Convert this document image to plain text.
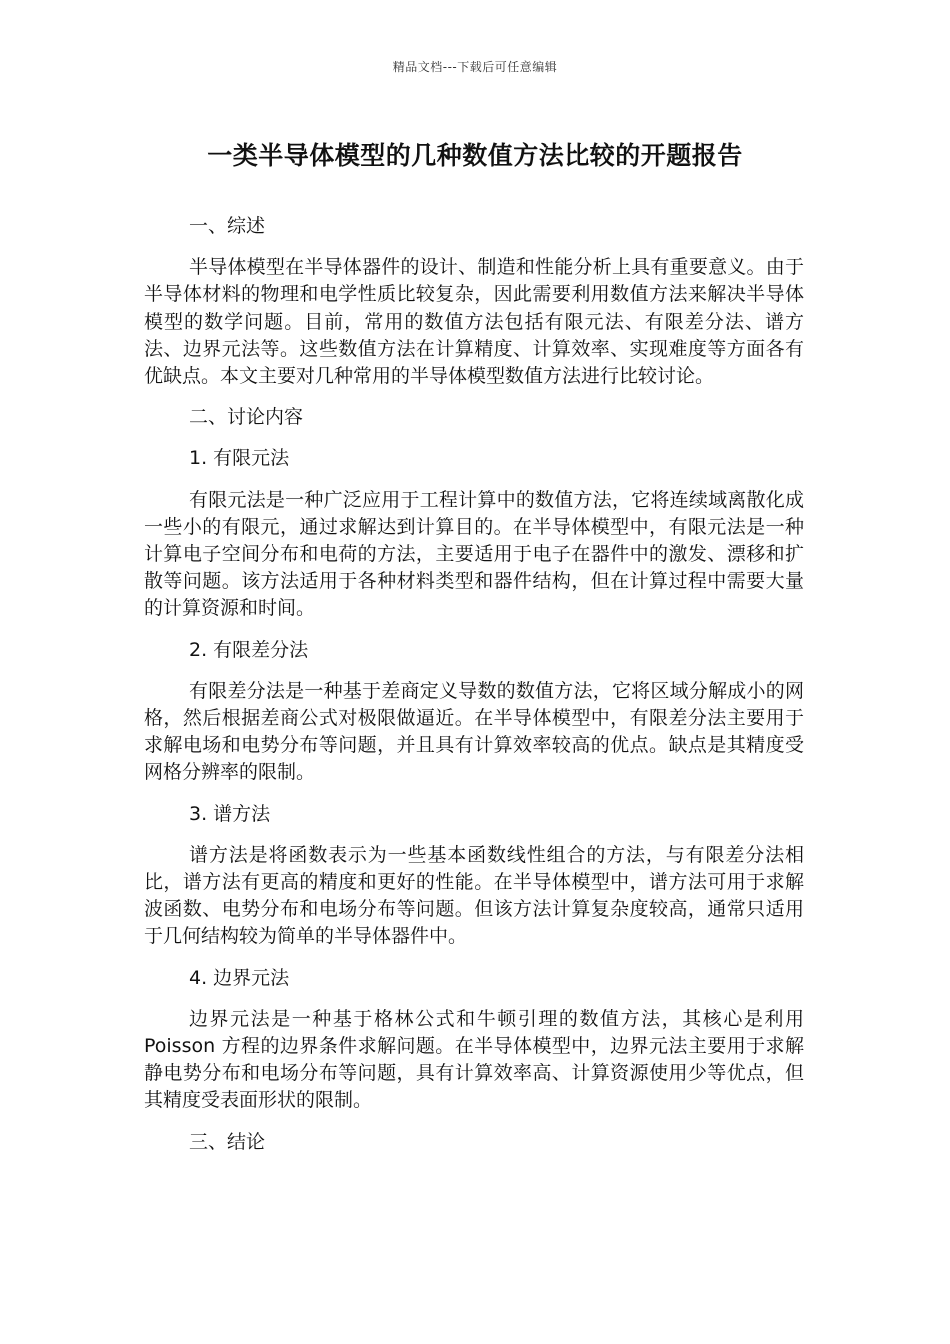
精品文档---下载后可任意编辑
一类半导体模型的几种数值方法比较的开题报告

一、综述

半导体模型在半导体器件的设计、制造和性能分析上具有重要意义。由于半导体材料的物理和电学性质比较复杂，因此需要利用数值方法来解决半导体模型的数学问题。目前，常用的数值方法包括有限元法、有限差分法、谱方法、边界元法等。这些数值方法在计算精度、计算效率、实现难度等方面各有优缺点。本文主要对几种常用的半导体模型数值方法进行比较讨论。

二、讨论内容

1. 有限元法

有限元法是一种广泛应用于工程计算中的数值方法，它将连续域离散化成一些小的有限元，通过求解达到计算目的。在半导体模型中，有限元法是一种计算电子空间分布和电荷的方法，主要适用于电子在器件中的激发、漂移和扩散等问题。该方法适用于各种材料类型和器件结构，但在计算过程中需要大量的计算资源和时间。

2. 有限差分法

有限差分法是一种基于差商定义导数的数值方法，它将区域分解成小的网格，然后根据差商公式对极限做逼近。在半导体模型中，有限差分法主要用于求解电场和电势分布等问题，并且具有计算效率较高的优点。缺点是其精度受网格分辨率的限制。

3. 谱方法

谱方法是将函数表示为一些基本函数线性组合的方法，与有限差分法相比，谱方法有更高的精度和更好的性能。在半导体模型中，谱方法可用于求解波函数、电势分布和电场分布等问题。但该方法计算复杂度较高，通常只适用于几何结构较为简单的半导体器件中。

4. 边界元法

边界元法是一种基于格林公式和牛顿引理的数值方法，其核心是利用 Poisson 方程的边界条件求解问题。在半导体模型中，边界元法主要用于求解静电势分布和电场分布等问题，具有计算效率高、计算资源使用少等优点，但其精度受表面形状的限制。

三、结论
